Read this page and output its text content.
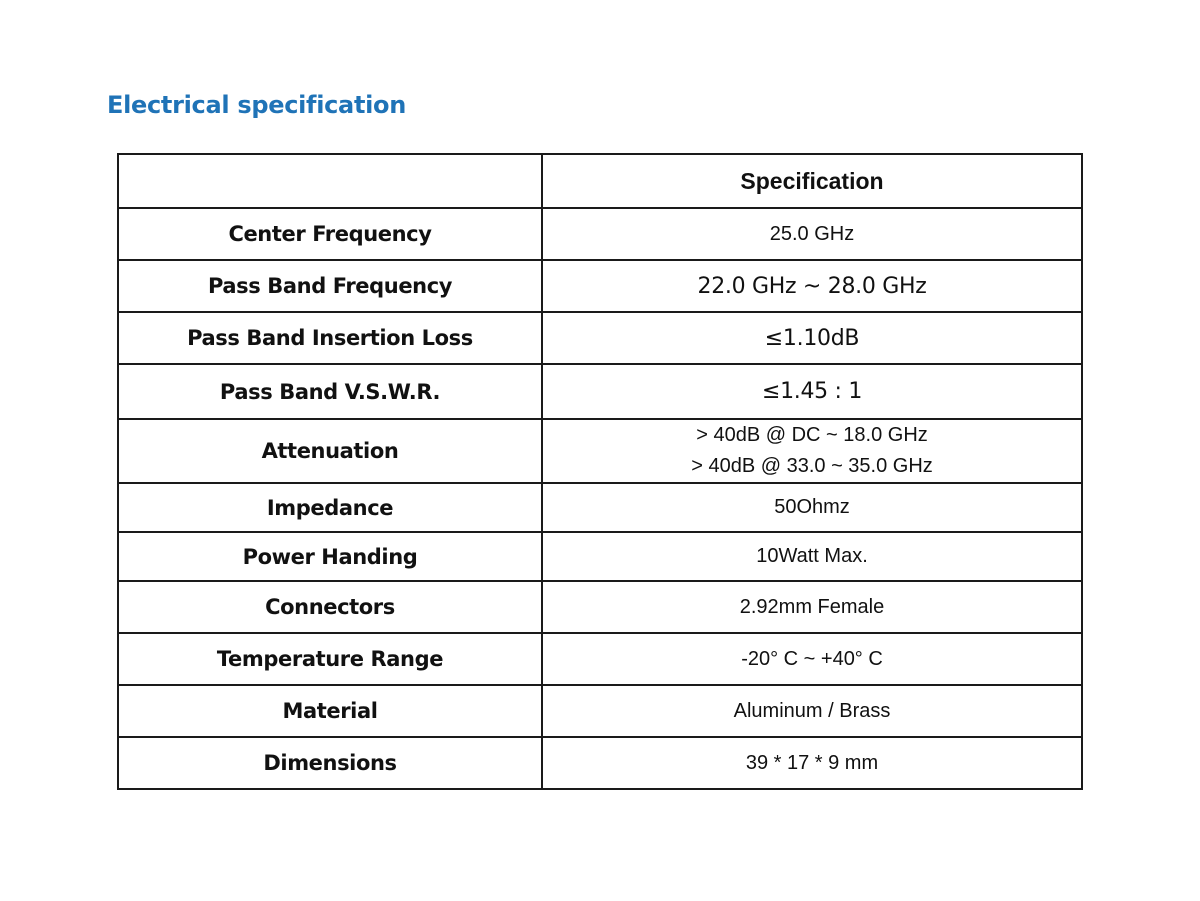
Electrical specification
	Specification
Center Frequency	25.0 GHz
Pass Band Frequency	22.0 GHz ~ 28.0 GHz
Pass Band Insertion Loss	≤1.10dB
Pass Band V.S.W.R.	≤1.45 : 1
Attenuation	> 40dB @ DC ~ 18.0 GHz
> 40dB @ 33.0 ~ 35.0 GHz

Impedance	50Ohmz
Power Handing	10Watt Max.
Connectors	2.92mm Female
Temperature Range	-20° C ~ +40° C
Material	Aluminum / Brass
Dimensions	39 * 17 * 9 mm
